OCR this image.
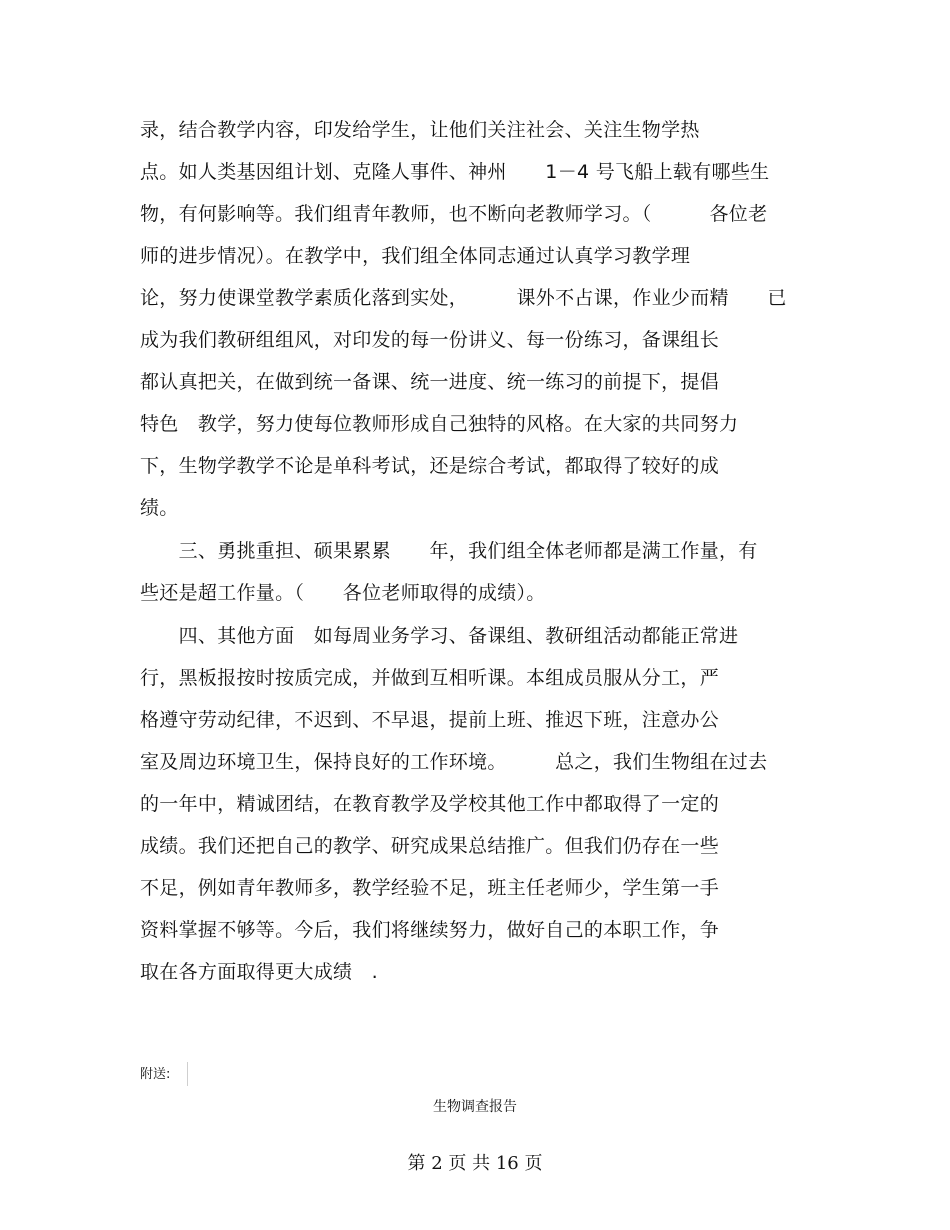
录，结合教学内容，印发给学生，让他们关注社会、关注生物学热
点。如人类基因组计划、克隆人事件、神州　　1－4 号飞船上载有哪些生
物，有何影响等。我们组青年教师，也不断向老教师学习。（　　　各位老
师的进步情况）。在教学中，我们组全体同志通过认真学习教学理
论，努力使课堂教学素质化落到实处，　　　课外不占课，作业少而精　　已
成为我们教研组组风，对印发的每一份讲义、每一份练习，备课组长
都认真把关，在做到统一备课、统一进度、统一练习的前提下，提倡
特色　教学，努力使每位教师形成自己独特的风格。在大家的共同努力
下，生物学教学不论是单科考试，还是综合考试，都取得了较好的成
绩。
　　三、勇挑重担、硕果累累　　年，我们组全体老师都是满工作量，有
些还是超工作量。（　　各位老师取得的成绩）。
　　四、其他方面　如每周业务学习、备课组、教研组活动都能正常进
行，黑板报按时按质完成，并做到互相听课。本组成员服从分工，严
格遵守劳动纪律，不迟到、不早退，提前上班、推迟下班，注意办公
室及周边环境卫生，保持良好的工作环境。　　　总之，我们生物组在过去
的一年中，精诚团结，在教育教学及学校其他工作中都取得了一定的
成绩。我们还把自己的教学、研究成果总结推广。但我们仍存在一些
不足，例如青年教师多，教学经验不足，班主任老师少，学生第一手
资料掌握不够等。今后，我们将继续努力，做好自己的本职工作，争
取在各方面取得更大成绩　.
附送:
生物调查报告
第 2 页 共 16 页
